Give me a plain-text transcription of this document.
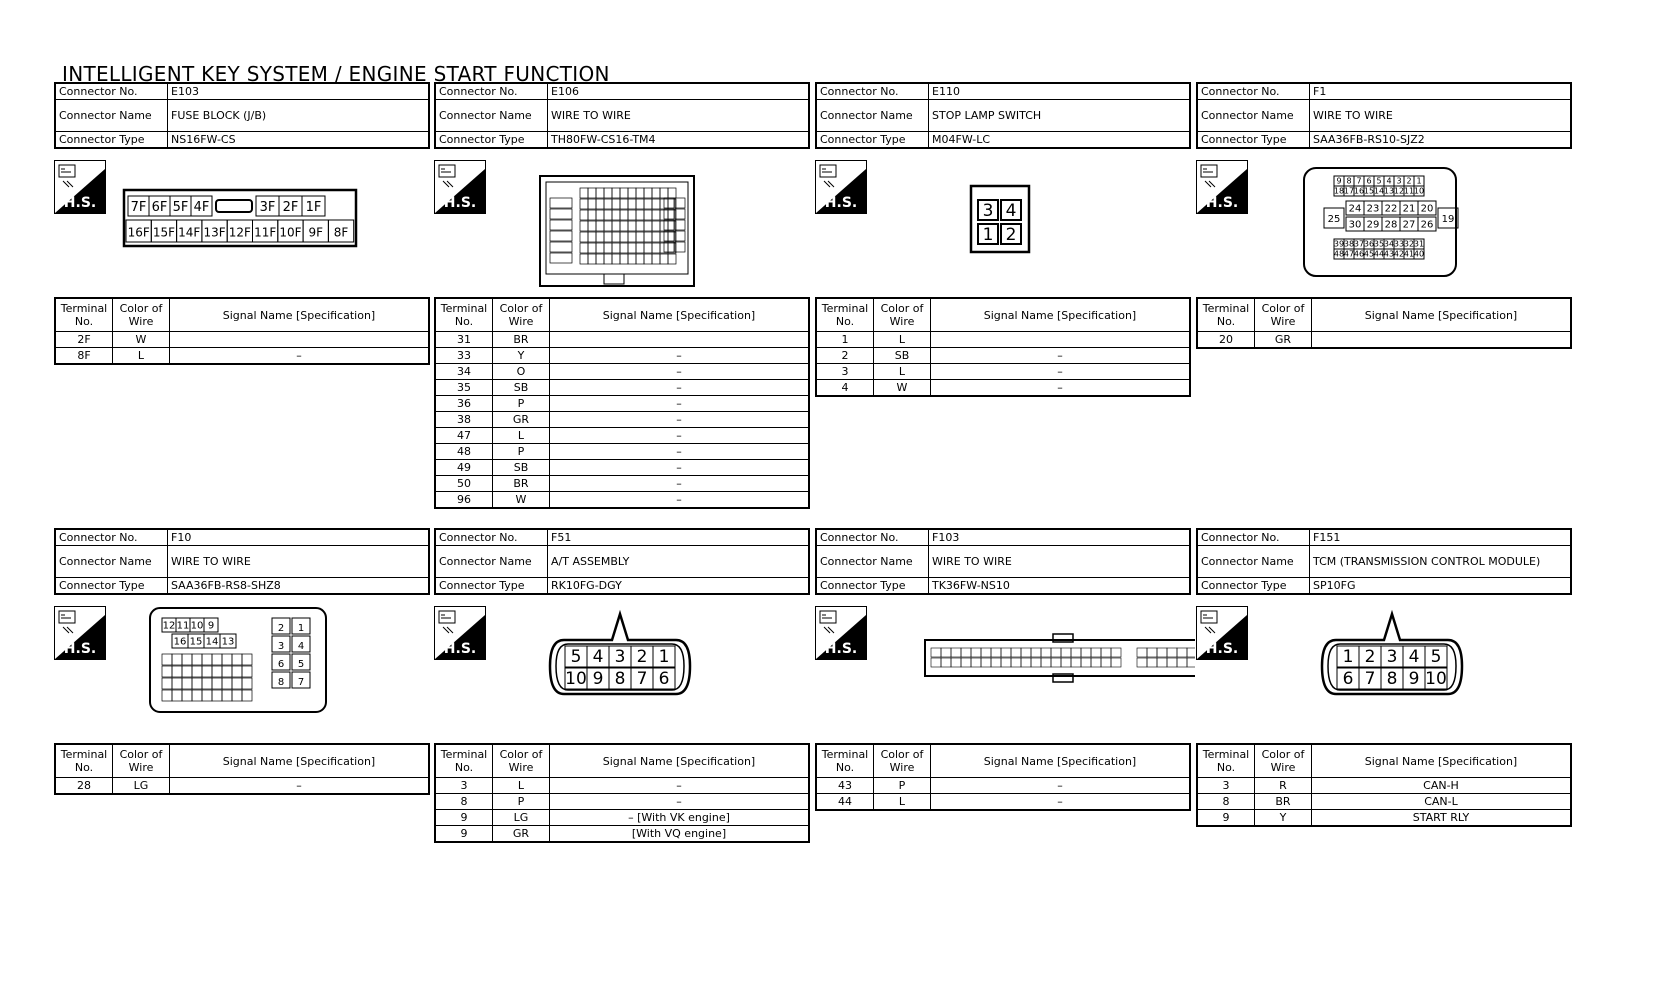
INTELLIGENT KEY SYSTEM / ENGINE START FUNCTION
Connector No.	E103
Connector Name	FUSE BLOCK (J/B)
Connector Type	NS16FW-CS
H.S.	7F 6F 5F 4F	3F 2F 1F
16F 15F 14F 13F 12F 11F 10F 9F 8F
Terminal No.	Color of Wire	Signal Name [Specification]
2F	W	
8F	L	–
Connector No.	E106
Connector Name	WIRE TO WIRE
Connector Type	TH80FW-CS16-TM4
H.S.
Terminal No.	Color of Wire	Signal Name [Specification]
31	BR	
33	Y	–
34	O	–
35	SB	–
36	P	–
38	GR	–
47	L	–
48	P	–
49	SB	–
50	BR	–
96	W	–
Connector No.	E110
Connector Name	STOP LAMP SWITCH
Connector Type	M04FW-LC
H.S.	3 4
1 2
Terminal No.	Color of Wire	Signal Name [Specification]
1	L	
2	SB	–
3	L	–
4	W	–
Connector No.	F1
Connector Name	WIRE TO WIRE
Connector Type	SAA36FB-RS10-SJZ2
H.S.
9 8 7 6 5 4 3 2 1
18 17 16 15 14 13 12 11 10
25
24 23 22 21 20
30 29 28 27 26 19
39 38 37 36 35 34 33 32 31
48 47 46 45 44 43 42 41 40
Terminal No.	Color of Wire	Signal Name [Specification]
20	GR	
Connector No.	F10
Connector Name	WIRE TO WIRE
Connector Type	SAA36FB-RS8-SHZ8
H.S.
12 11 10 9
16 15 14 13
2 1
3 4
6 5
8 7
Terminal No.	Color of Wire	Signal Name [Specification]
28	LG	–
Connector No.	F51
Connector Name	A/T ASSEMBLY
Connector Type	RK10FG-DGY
H.S.	5 4 3 2 1
10 9 8 7 6
Terminal No.	Color of Wire	Signal Name [Specification]
3	L	–
8	P	–
9	LG	– [With VK engine]
9	GR	[With VQ engine]
Connector No.	F103
Connector Name	WIRE TO WIRE
Connector Type	TK36FW-NS10
H.S.
Terminal No.	Color of Wire	Signal Name [Specification]
43	P	–
44	L	–
Connector No.	F151
Connector Name	TCM (TRANSMISSION CONTROL MODULE)
Connector Type	SP10FG
H.S.	1 2 3 4 5
6 7 8 9 10
Terminal No.	Color of Wire	Signal Name [Specification]
3	R	CAN-H
8	BR	CAN-L
9	Y	START RLY
